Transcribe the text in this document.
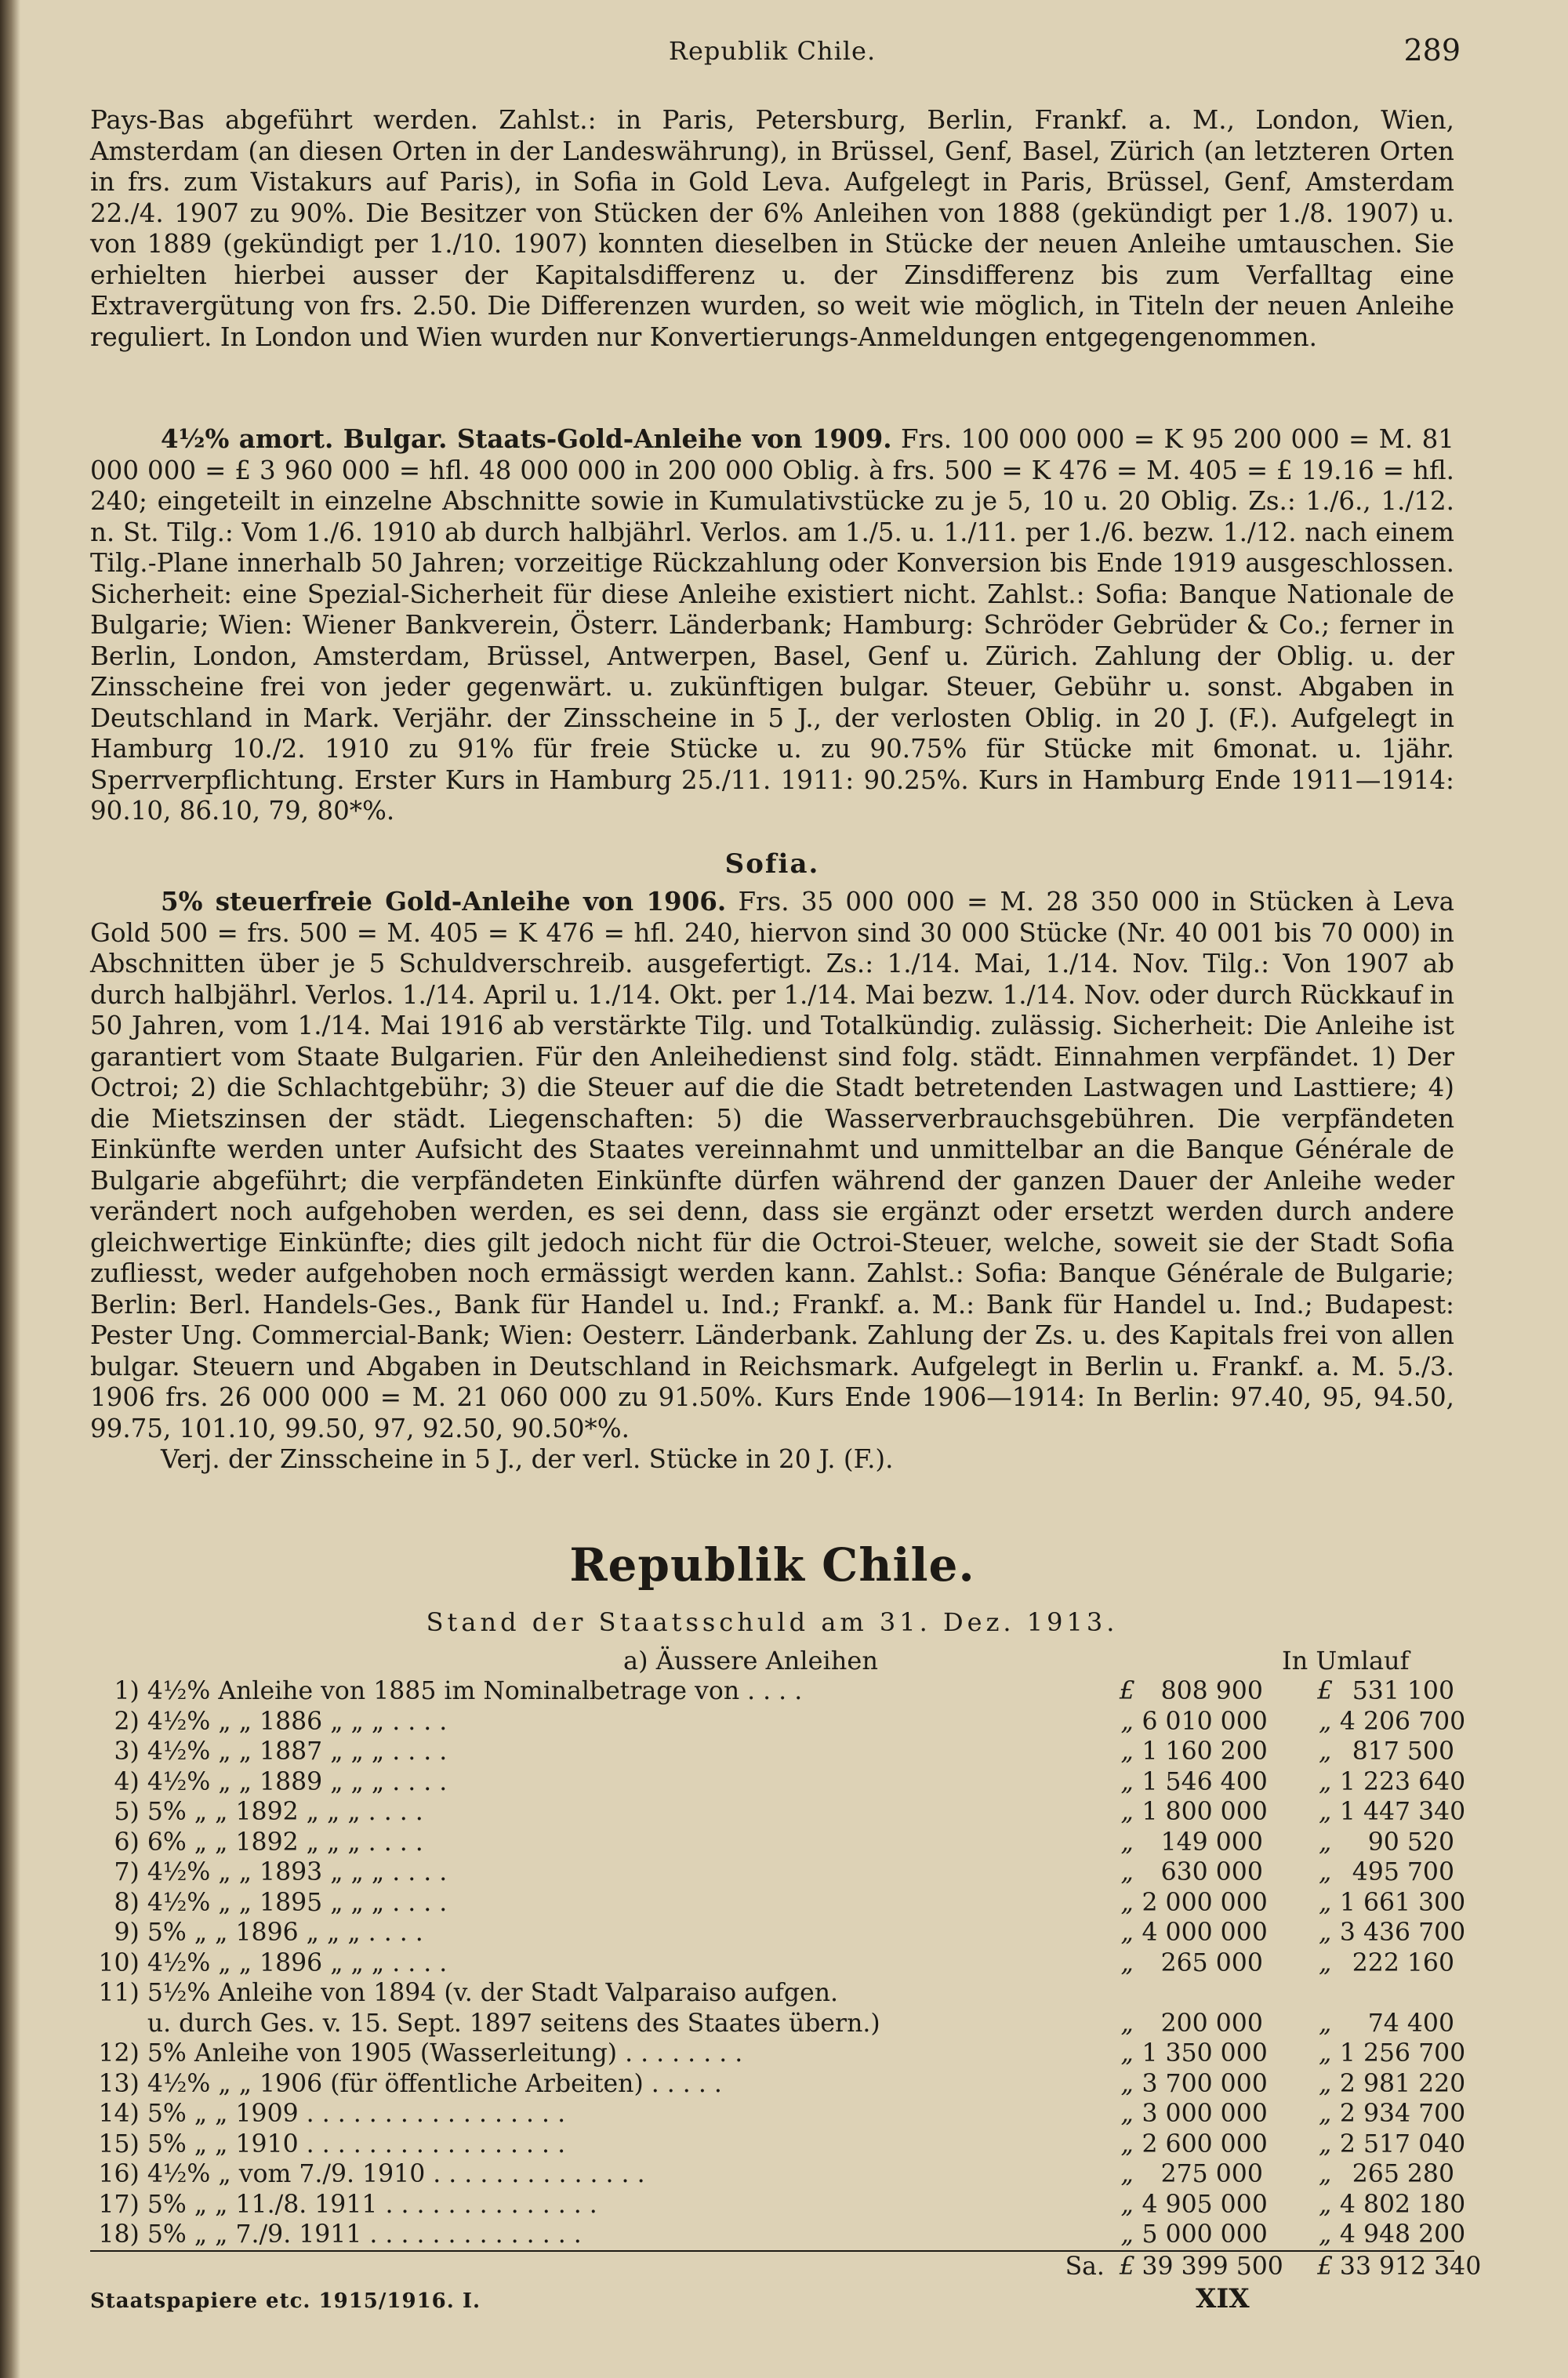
Republik Chile.	289

Pays-Bas abgeführt werden. Zahlst.: in Paris, Petersburg, Berlin, Frankf. a. M., London, Wien, Amsterdam (an diesen Orten in der Landeswährung), in Brüssel, Genf, Basel, Zürich (an letzteren Orten in frs. zum Vistakurs auf Paris), in Sofia in Gold Leva. Aufgelegt in Paris, Brüssel, Genf, Amsterdam 22./4. 1907 zu 90%. Die Besitzer von Stücken der 6% Anleihen von 1888 (gekündigt per 1./8. 1907) u. von 1889 (gekündigt per 1./10. 1907) konnten dieselben in Stücke der neuen Anleihe umtauschen. Sie erhielten hierbei ausser der Kapitalsdifferenz u. der Zinsdifferenz bis zum Verfalltag eine Extravergütung von frs. 2.50. Die Differenzen wurden, so weit wie möglich, in Titeln der neuen Anleihe reguliert. In London und Wien wurden nur Konvertierungs-Anmeldungen entgegengenommen.

4½% amort. Bulgar. Staats-Gold-Anleihe von 1909. Frs. 100 000 000 = K 95 200 000 = M. 81 000 000 = £ 3 960 000 = hfl. 48 000 000 in 200 000 Oblig. à frs. 500 = K 476 = M. 405 = £ 19.16 = hfl. 240; eingeteilt in einzelne Abschnitte sowie in Kumulativstücke zu je 5, 10 u. 20 Oblig. Zs.: 1./6., 1./12. n. St. Tilg.: Vom 1./6. 1910 ab durch halbjährl. Verlos. am 1./5. u. 1./11. per 1./6. bezw. 1./12. nach einem Tilg.-Plane innerhalb 50 Jahren; vorzeitige Rückzahlung oder Konversion bis Ende 1919 ausgeschlossen. Sicherheit: eine Spezial-Sicherheit für diese Anleihe existiert nicht. Zahlst.: Sofia: Banque Nationale de Bulgarie; Wien: Wiener Bankverein, Österr. Länderbank; Hamburg: Schröder Gebrüder & Co.; ferner in Berlin, London, Amsterdam, Brüssel, Antwerpen, Basel, Genf u. Zürich. Zahlung der Oblig. u. der Zinsscheine frei von jeder gegenwärt. u. zukünftigen bulgar. Steuer, Gebühr u. sonst. Abgaben in Deutschland in Mark. Verjähr. der Zinsscheine in 5 J., der verlosten Oblig. in 20 J. (F.). Aufgelegt in Hamburg 10./2. 1910 zu 91% für freie Stücke u. zu 90.75% für Stücke mit 6monat. u. 1jähr. Sperrverpflichtung. Erster Kurs in Hamburg 25./11. 1911: 90.25%. Kurs in Hamburg Ende 1911—1914: 90.10, 86.10, 79, 80*%.

Sofia.

5% steuerfreie Gold-Anleihe von 1906. Frs. 35 000 000 = M. 28 350 000 in Stücken à Leva Gold 500 = frs. 500 = M. 405 = K 476 = hfl. 240, hiervon sind 30 000 Stücke (Nr. 40 001 bis 70 000) in Abschnitten über je 5 Schuldverschreib. ausgefertigt. Zs.: 1./14. Mai, 1./14. Nov. Tilg.: Von 1907 ab durch halbjährl. Verlos. 1./14. April u. 1./14. Okt. per 1./14. Mai bezw. 1./14. Nov. oder durch Rückkauf in 50 Jahren, vom 1./14. Mai 1916 ab verstärkte Tilg. und Totalkündig. zulässig. Sicherheit: Die Anleihe ist garantiert vom Staate Bulgarien. Für den Anleihedienst sind folg. städt. Einnahmen verpfändet. 1) Der Octroi; 2) die Schlachtgebühr; 3) die Steuer auf die die Stadt betretenden Lastwagen und Lasttiere; 4) die Mietszinsen der städt. Liegenschaften: 5) die Wasserverbrauchsgebühren. Die verpfändeten Einkünfte werden unter Aufsicht des Staates vereinnahmt und unmittelbar an die Banque Générale de Bulgarie abgeführt; die verpfändeten Einkünfte dürfen während der ganzen Dauer der Anleihe weder verändert noch aufgehoben werden, es sei denn, dass sie ergänzt oder ersetzt werden durch andere gleichwertige Einkünfte; dies gilt jedoch nicht für die Octroi-Steuer, welche, soweit sie der Stadt Sofia zufliesst, weder aufgehoben noch ermässigt werden kann. Zahlst.: Sofia: Banque Générale de Bulgarie; Berlin: Berl. Handels-Ges., Bank für Handel u. Ind.; Frankf. a. M.: Bank für Handel u. Ind.; Budapest: Pester Ung. Commercial-Bank; Wien: Oesterr. Länderbank. Zahlung der Zs. u. des Kapitals frei von allen bulgar. Steuern und Abgaben in Deutschland in Reichsmark. Aufgelegt in Berlin u. Frankf. a. M. 5./3. 1906 frs. 26 000 000 = M. 21 060 000 zu 91.50%. Kurs Ende 1906—1914: In Berlin: 97.40, 95, 94.50, 99.75, 101.10, 99.50, 97, 92.50, 90.50*%.

Verj. der Zinsscheine in 5 J., der verl. Stücke in 20 J. (F.).

Republik Chile.
Stand der Staatsschuld am 31. Dez. 1913.
a) Äussere Anleihen	In Umlauf
1)	4½% Anleihe von 1885 im Nominalbetrage von . . . .	£	808 900		£	531 100
2)	4½% „ „ 1886 „ „ „ . . . .	„	6 010 000		„	4 206 700
3)	4½% „ „ 1887 „ „ „ . . . .	„	1 160 200		„	817 500
4)	4½% „ „ 1889 „ „ „ . . . .	„	1 546 400		„	1 223 640
5)	5% „ „ 1892 „ „ „ . . . .	„	1 800 000		„	1 447 340
6)	6% „ „ 1892 „ „ „ . . . .	„	149 000		„	90 520
7)	4½% „ „ 1893 „ „ „ . . . .	„	630 000		„	495 700
8)	4½% „ „ 1895 „ „ „ . . . .	„	2 000 000		„	1 661 300
9)	5% „ „ 1896 „ „ „ . . . .	„	4 000 000		„	3 436 700
10)	4½% „ „ 1896 „ „ „ . . . .	„	265 000		„	222 160
11)	5½% Anleihe von 1894 (v. der Stadt Valparaiso aufgen.					
	u. durch Ges. v. 15. Sept. 1897 seitens des Staates übern.)	„	200 000		„	74 400
12)	5% Anleihe von 1905 (Wasserleitung) . . . . . . . .	„	1 350 000		„	1 256 700
13)	4½% „ „ 1906 (für öffentliche Arbeiten) . . . . .	„	3 700 000		„	2 981 220
14)	5% „ „ 1909 . . . . . . . . . . . . . . . . .	„	3 000 000		„	2 934 700
15)	5% „ „ 1910 . . . . . . . . . . . . . . . . .	„	2 600 000		„	2 517 040
16)	4½% „ vom 7./9. 1910 . . . . . . . . . . . . . .	„	275 000		„	265 280
17)	5% „ „ 11./8. 1911 . . . . . . . . . . . . . .	„	4 905 000		„	4 802 180
18)	5% „ „ 7./9. 1911 . . . . . . . . . . . . . .	„	5 000 000		„	4 948 200
	Sa.	£	39 399 500		£	33 912 340
Staatspapiere etc. 1915/1916. I.	XIX
